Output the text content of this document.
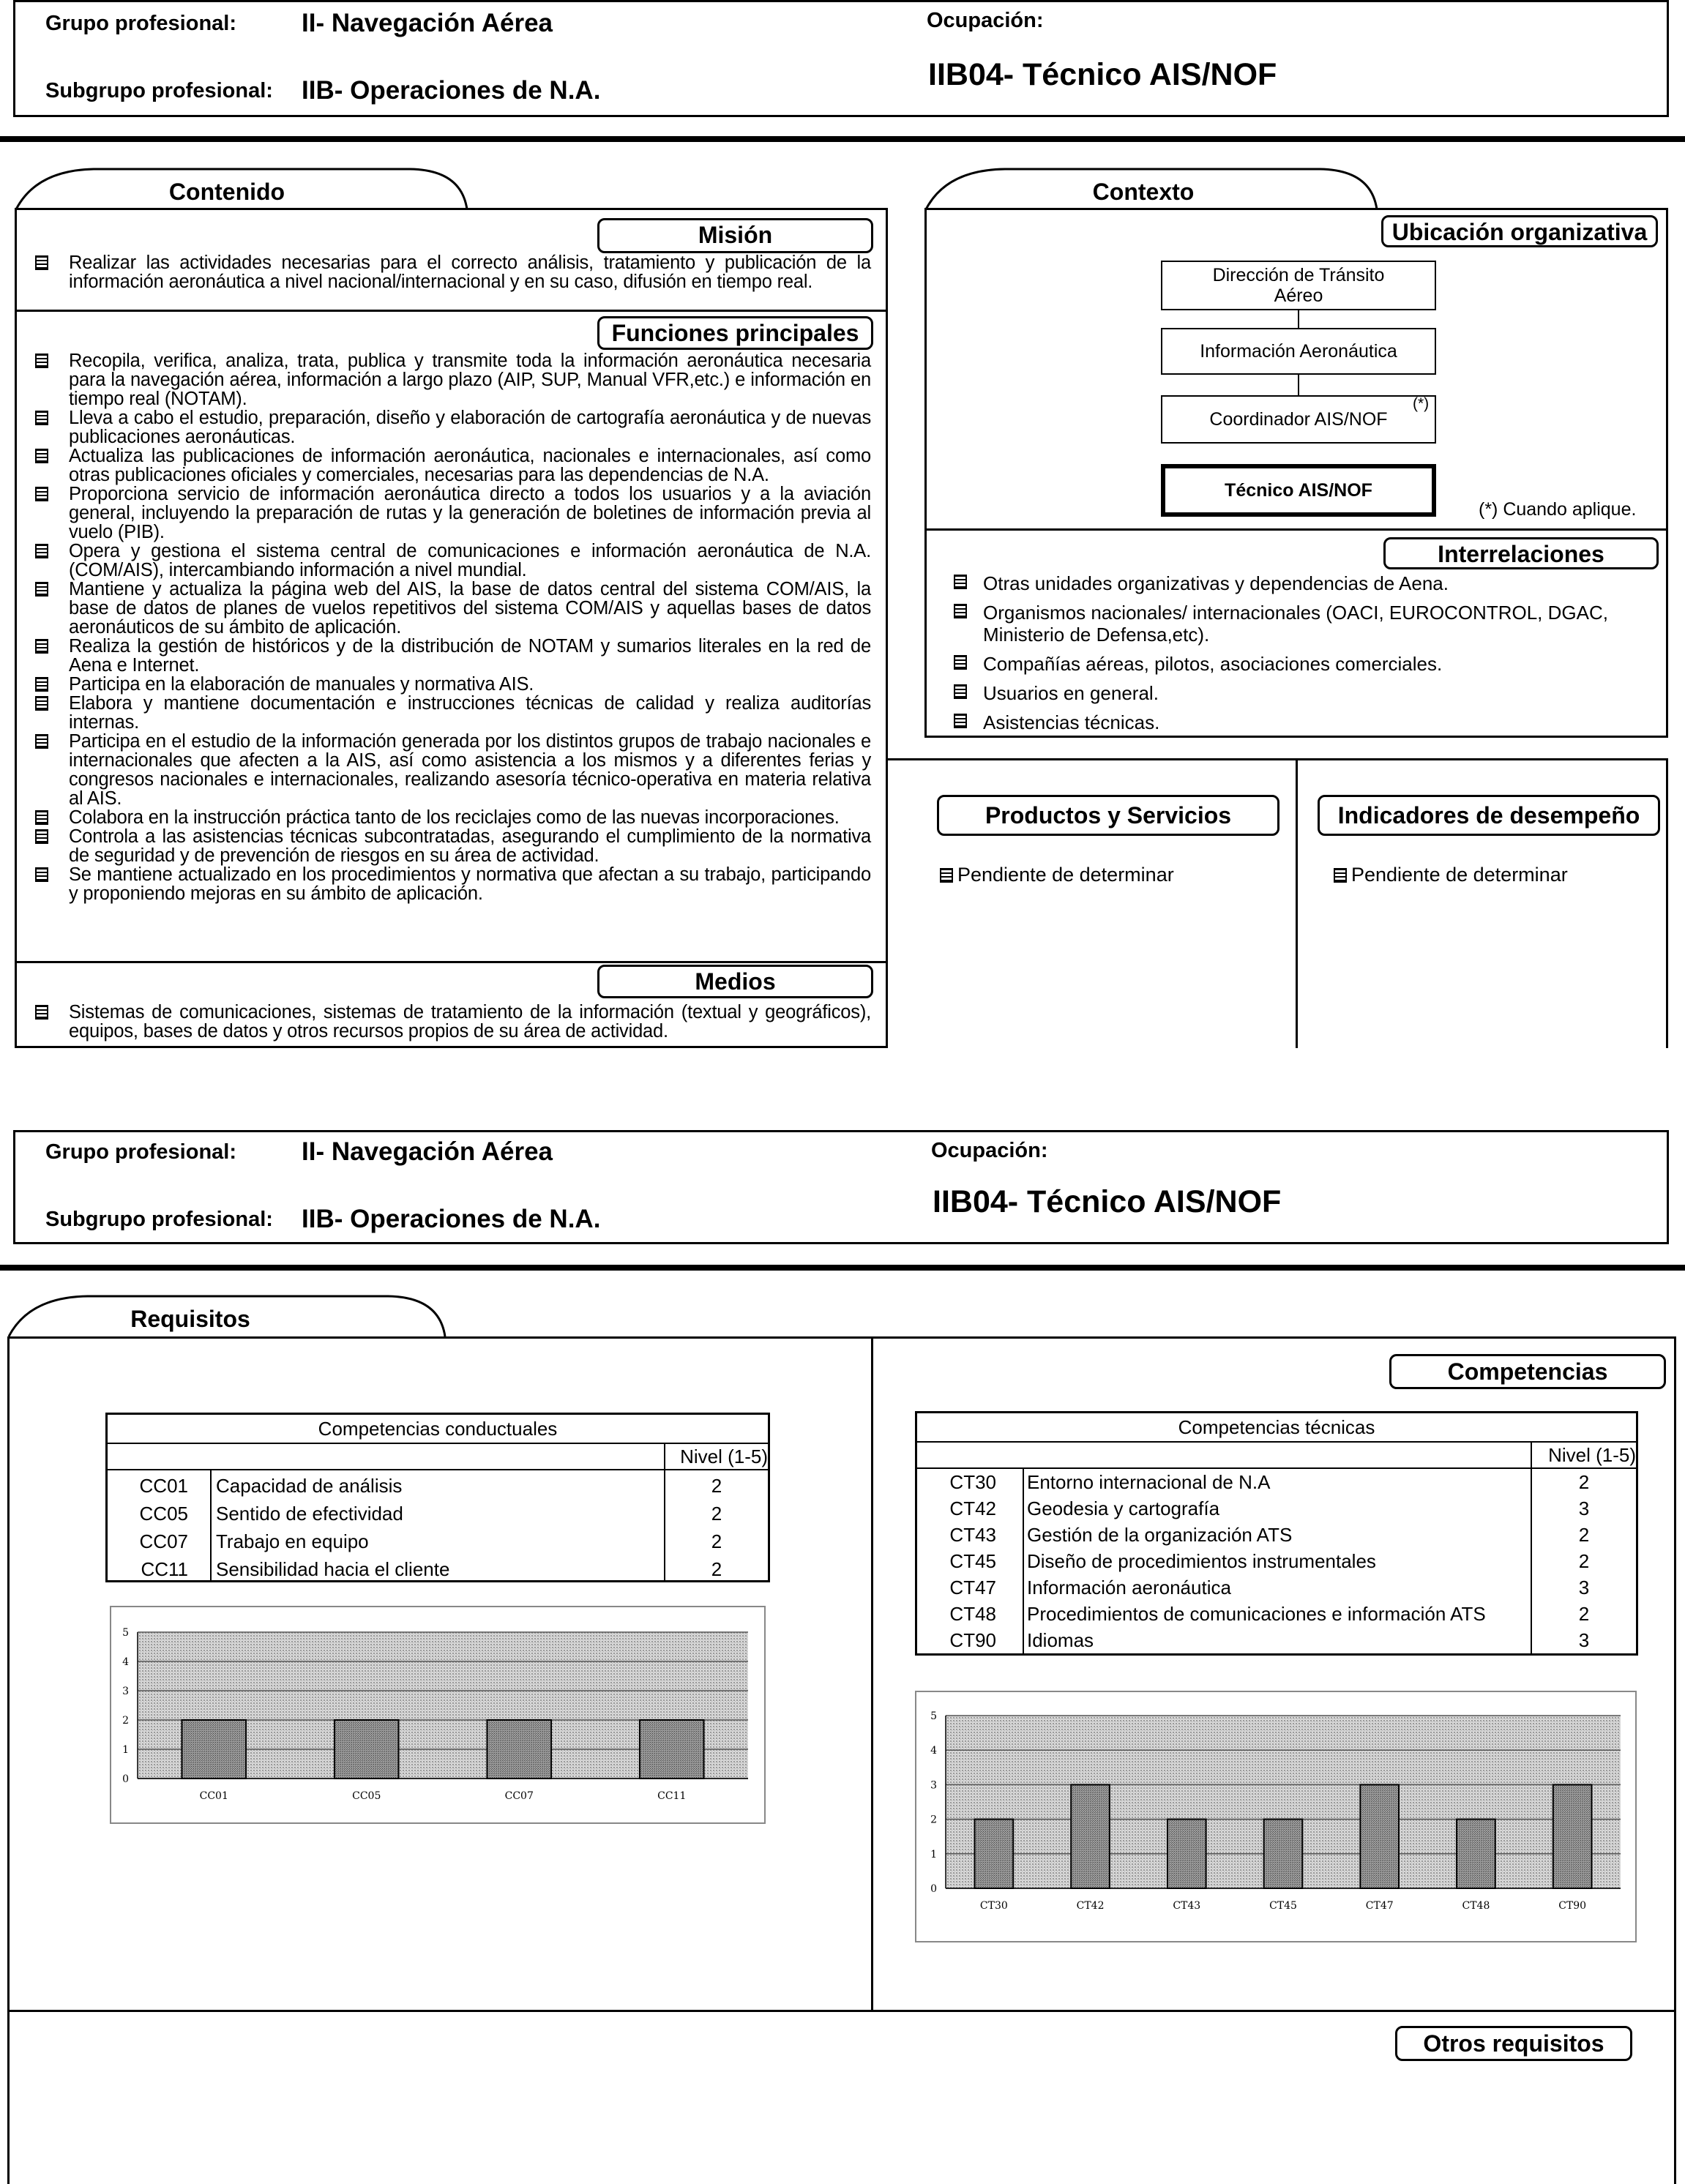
Grupo profesional:	II- Navegación Aérea
Subgrupo profesional: IIB- Operaciones de N.A.
Ocupación:
IIB04- Técnico AIS/NOF
Contenido
Misión
Realizar las actividades necesarias para el correcto análisis, tratamiento y publicación de la información aeronáutica a nivel nacional/internacional y en su caso, difusión en tiempo real.
Funciones principales
Recopila, verifica, analiza, trata, publica y transmite toda la información aeronáutica necesaria para la navegación aérea, información a largo plazo (AIP, SUP, Manual VFR,etc.) e información en tiempo real (NOTAM).
Lleva a cabo el estudio, preparación, diseño y elaboración de cartografía aeronáutica y de nuevas publicaciones aeronáuticas.
Actualiza las publicaciones de información aeronáutica, nacionales e internacionales, así como otras publicaciones oficiales y comerciales, necesarias para las dependencias de N.A.
Proporciona servicio de información aeronáutica directo a todos los usuarios y a la aviación general, incluyendo la preparación de rutas y la generación de boletines de información previa al vuelo (PIB).
Opera y gestiona el sistema central de comunicaciones e información aeronáutica de N.A. (COM/AIS), intercambiando información a nivel mundial.
Mantiene y actualiza la página web del AIS, la base de datos central del sistema COM/AIS, la base de datos de planes de vuelos repetitivos del sistema COM/AIS y aquellas bases de datos aeronáuticos de su ámbito de aplicación.
Realiza la gestión de históricos y de la distribución de NOTAM y sumarios literales en la red de Aena e Internet.
Participa en la elaboración de manuales y normativa AIS.
Elabora y mantiene documentación e instrucciones técnicas de calidad y realiza auditorías internas.
Participa en el estudio de la información generada por los distintos grupos de trabajo nacionales e internacionales que afecten a la AIS, así como asistencia a los mismos y a diferentes ferias y congresos nacionales e internacionales, realizando asesoría técnico-operativa en materia relativa al AIS.
Colabora en la instrucción práctica tanto de los reciclajes como de las nuevas incorporaciones.
Controla a las asistencias técnicas subcontratadas, asegurando el cumplimiento de la normativa de seguridad y de prevención de riesgos en su área de actividad.
Se mantiene actualizado en los procedimientos y normativa que afectan a su trabajo, participando y proponiendo mejoras en su ámbito de aplicación.
Medios
Sistemas de comunicaciones, sistemas de tratamiento de la información (textual y geográficos), equipos, bases de datos y otros recursos propios de su área de actividad.
Contexto
Ubicación organizativa
Dirección de Tránsito Aéreo
Información Aeronáutica
Coordinador AIS/NOF
(*)
Técnico AIS/NOF
(*) Cuando aplique.
Interrelaciones
Otras unidades organizativas y dependencias de Aena.
Organismos nacionales/ internacionales (OACI, EUROCONTROL, DGAC, Ministerio de Defensa,etc).
Compañías aéreas, pilotos, asociaciones comerciales.
Usuarios en general.
Asistencias técnicas.
Productos y Servicios	Indicadores de desempeño
Pendiente de determinar	Pendiente de determinar
Grupo profesional:	II- Navegación Aérea
Subgrupo profesional: IIB- Operaciones de N.A.
Ocupación:
IIB04- Técnico AIS/NOF
Requisitos
Competencias
Otros requisitos
Competencias conductuales
Nivel (1-5)
CC01 Capacidad de análisis	2
CC05 Sentido de efectividad	2
CC07 Trabajo en equipo	2
CC11 Sensibilidad hacia el cliente	2
Competencias técnicas
Nivel (1-5)
CT30 Entorno internacional de N.A	2
CT42 Geodesia y cartografía	3
CT43 Gestión de la organización ATS	2
CT45 Diseño de procedimientos instrumentales	2
CT47 Información aeronáutica	3
CT48 Procedimientos de comunicaciones e información ATS	2
CT90 Idiomas	3
0
1
2
3
4
5
CC01	CC05	CC07	CC11
0
1
2
3
4
5
CT30	CT42	CT43	CT45	CT47	CT48	CT90
